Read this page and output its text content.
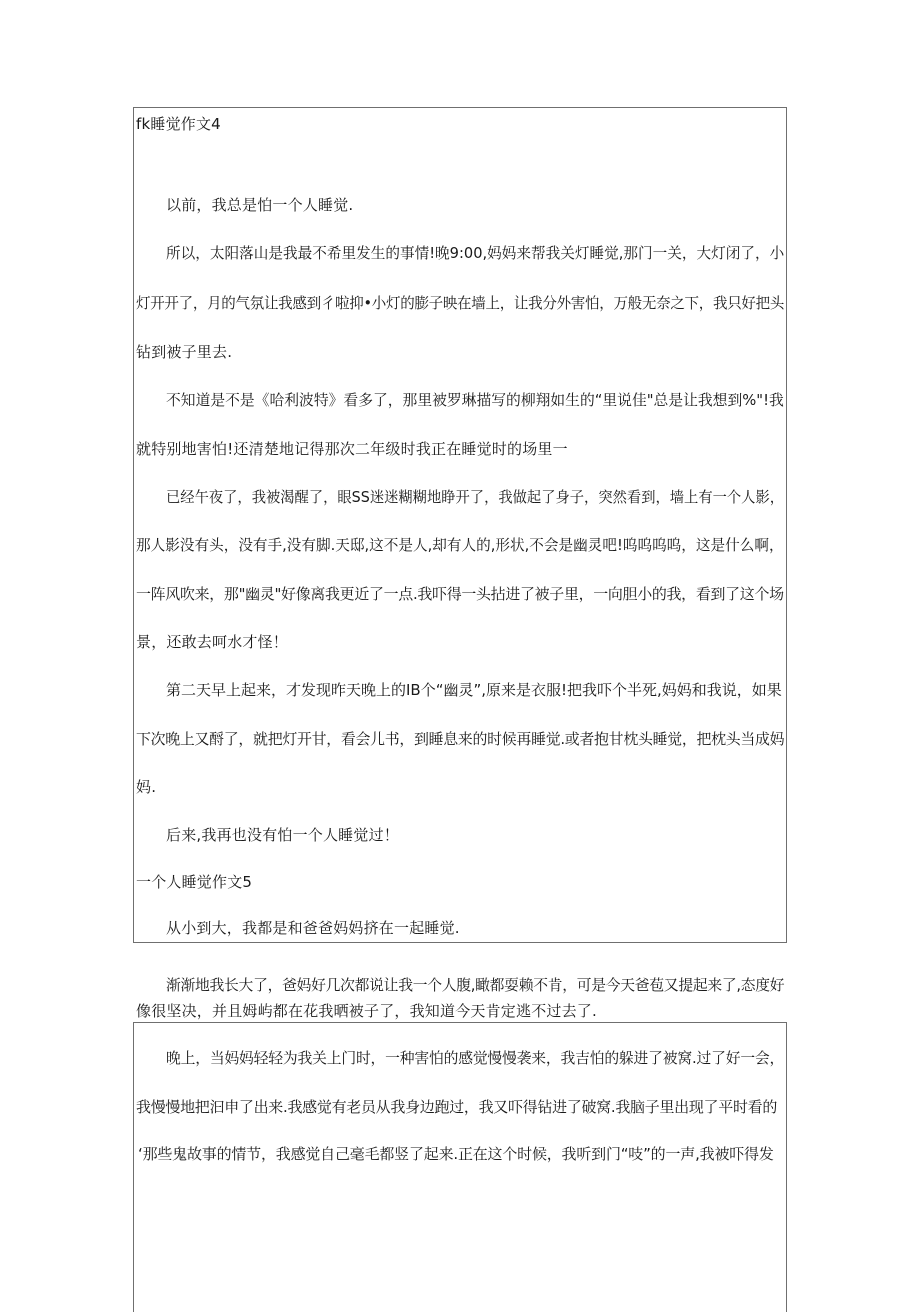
fk睡觉作文4
以前，我总是怕一个人睡觉.
所以，太阳落山是我最不希里发生的事情!晚9:00,妈妈来帮我关灯睡觉,那门一关，大灯闭了，小
灯开开了，月的气氛让我感到彳啦抑•小灯的膨子映在墙上，让我分外害怕，万般无奈之下，我只好把头
钻到被子里去.
不知道是不是《哈利波特》看多了，那里被罗琳描写的柳翔如生的“里说佳"总是让我想到%"!我
就特别地害怕!还清楚地记得那次二年级时我正在睡觉时的场里一
已经午夜了，我被渴醒了，眼SS迷迷糊糊地睁开了，我做起了身子，突然看到，墙上有一个人影，
那人影没有头，没有手,没有脚.天邸,这不是人,却有人的,形状,不会是幽灵吧!呜呜呜呜，这是什么啊，
一阵风吹来，那"幽灵"好像离我更近了一点.我吓得一头拈进了被子里，一向胆小的我，看到了这个场
景，还敢去呵水才怪！
第二天早上起来，才发现昨天晚上的IB个“幽灵”,原来是衣服!把我吓个半死,妈妈和我说，如果
下次晚上又酹了，就把灯开甘，看会儿书，到睡息来的时候再睡觉.或者抱甘枕头睡觉，把枕头当成妈
妈.
后来,我再也没有怕一个人睡觉过！
一个人睡觉作文5
从小到大，我都是和爸爸妈妈挤在一起睡觉.
渐渐地我长大了，爸妈好几次都说让我一个人腹,瞰都耍赖不肯，可是今天爸苞又提起来了,态度好
像很坚决，并且姆屿都在花我晒被子了，我知道今天肯定逃不过去了.
晚上，当妈妈轻轻为我关上门时，一种害怕的感觉慢慢袭来，我吉怕的躲进了被窝.过了好一会，
我慢慢地把汩申了出来.我感觉有老员从我身边跑过，我又吓得钻进了破窝.我脑子里出现了平时看的
‘那些鬼故事的情节，我感觉自己毫毛都竖了起来.正在这个时候，我听到门“吱”的一声,我被吓得发
